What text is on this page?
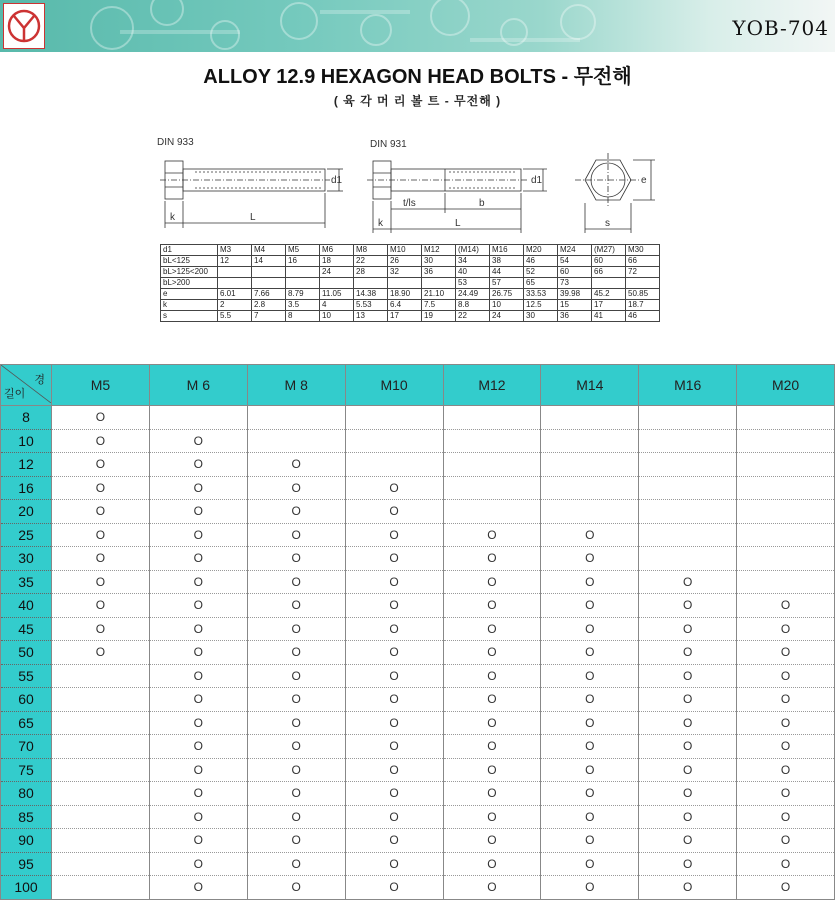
YOB-704
ALLOY 12.9 HEXAGON HEAD BOLTS - 무전해
( 육 각 머 리 볼 트 - 무전해 )
DIN 933	DIN 931
k	L
d1
k
t/ls	b
L
d1	e
s
d1	M3	M4	M5	M6	M8	M10	M12	(M14)	M16	M20	M24	(M27)	M30
bL<125	12	14	16	18	22	26	30	34	38	46	54	60	66
bL>125<200				24	28	32	36	40	44	52	60	66	72
bL>200								53	57	65	73		
e	6.01	7.66	8.79	11.05	14.38	18.90	21.10	24.49	26.75	33.53	39.98	45.2	50.85
k	2	2.8	3.5	4	5.53	6.4	7.5	8.8	10	12.5	15	17	18.7
s	5.5	7	8	10	13	17	19	22	24	30	36	41	46
경
길이	M5	M 6	M 8	M10	M12	M14	M16	M20
8	O							
10	O	O						
12	O	O	O					
16	O	O	O	O				
20	O	O	O	O				
25	O	O	O	O	O	O		
30	O	O	O	O	O	O		
35	O	O	O	O	O	O	O	
40	O	O	O	O	O	O	O	O
45	O	O	O	O	O	O	O	O
50	O	O	O	O	O	O	O	O
55		O	O	O	O	O	O	O
60		O	O	O	O	O	O	O
65		O	O	O	O	O	O	O
70		O	O	O	O	O	O	O
75		O	O	O	O	O	O	O
80		O	O	O	O	O	O	O
85		O	O	O	O	O	O	O
90		O	O	O	O	O	O	O
95		O	O	O	O	O	O	O
100		O	O	O	O	O	O	O
